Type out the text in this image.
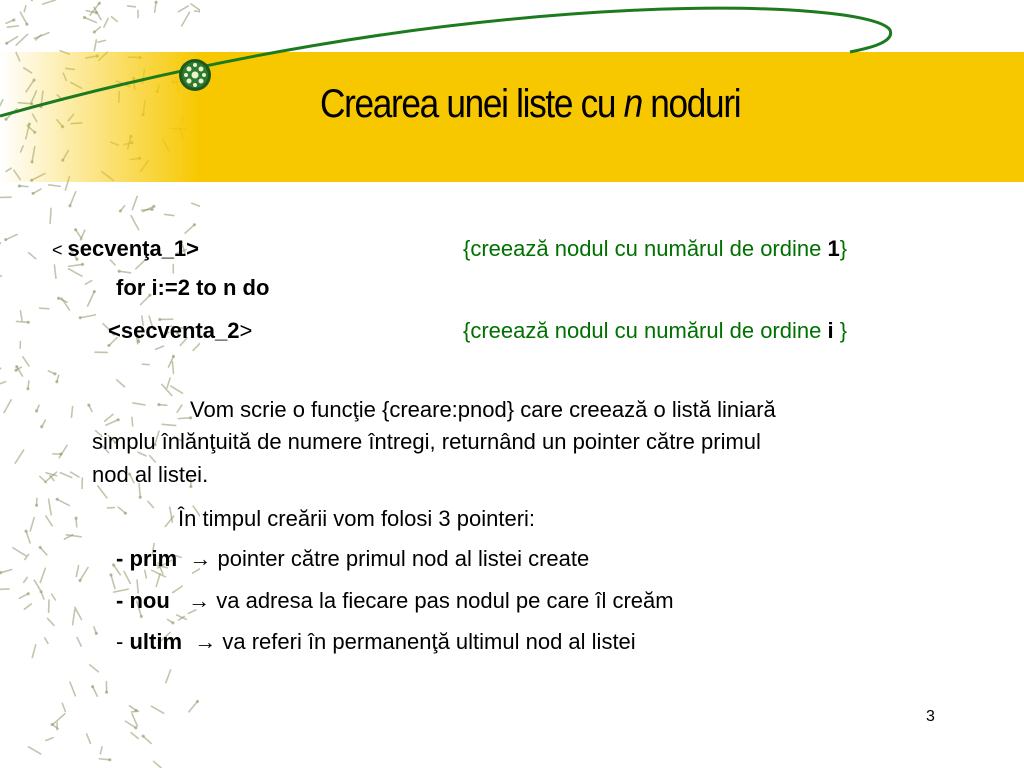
Crearea unei liste cu n noduri
< secvenţa_1>	{creează nodul cu numărul de ordine 1}
for i:=2 to n do
<secventa_2>	{creează nodul cu numărul de ordine i }
Vom scrie o funcţie {creare:pnod} care creează o listă liniară
simplu înlănţuită de numere întregi, returnând un pointer către primul
nod al listei.
În timpul creării vom folosi 3 pointeri:
- prim → pointer către primul nod al listei create
- nou → va adresa la fiecare pas nodul pe care îl creăm
- ultim → va referi în permanenţă ultimul nod al listei
3
